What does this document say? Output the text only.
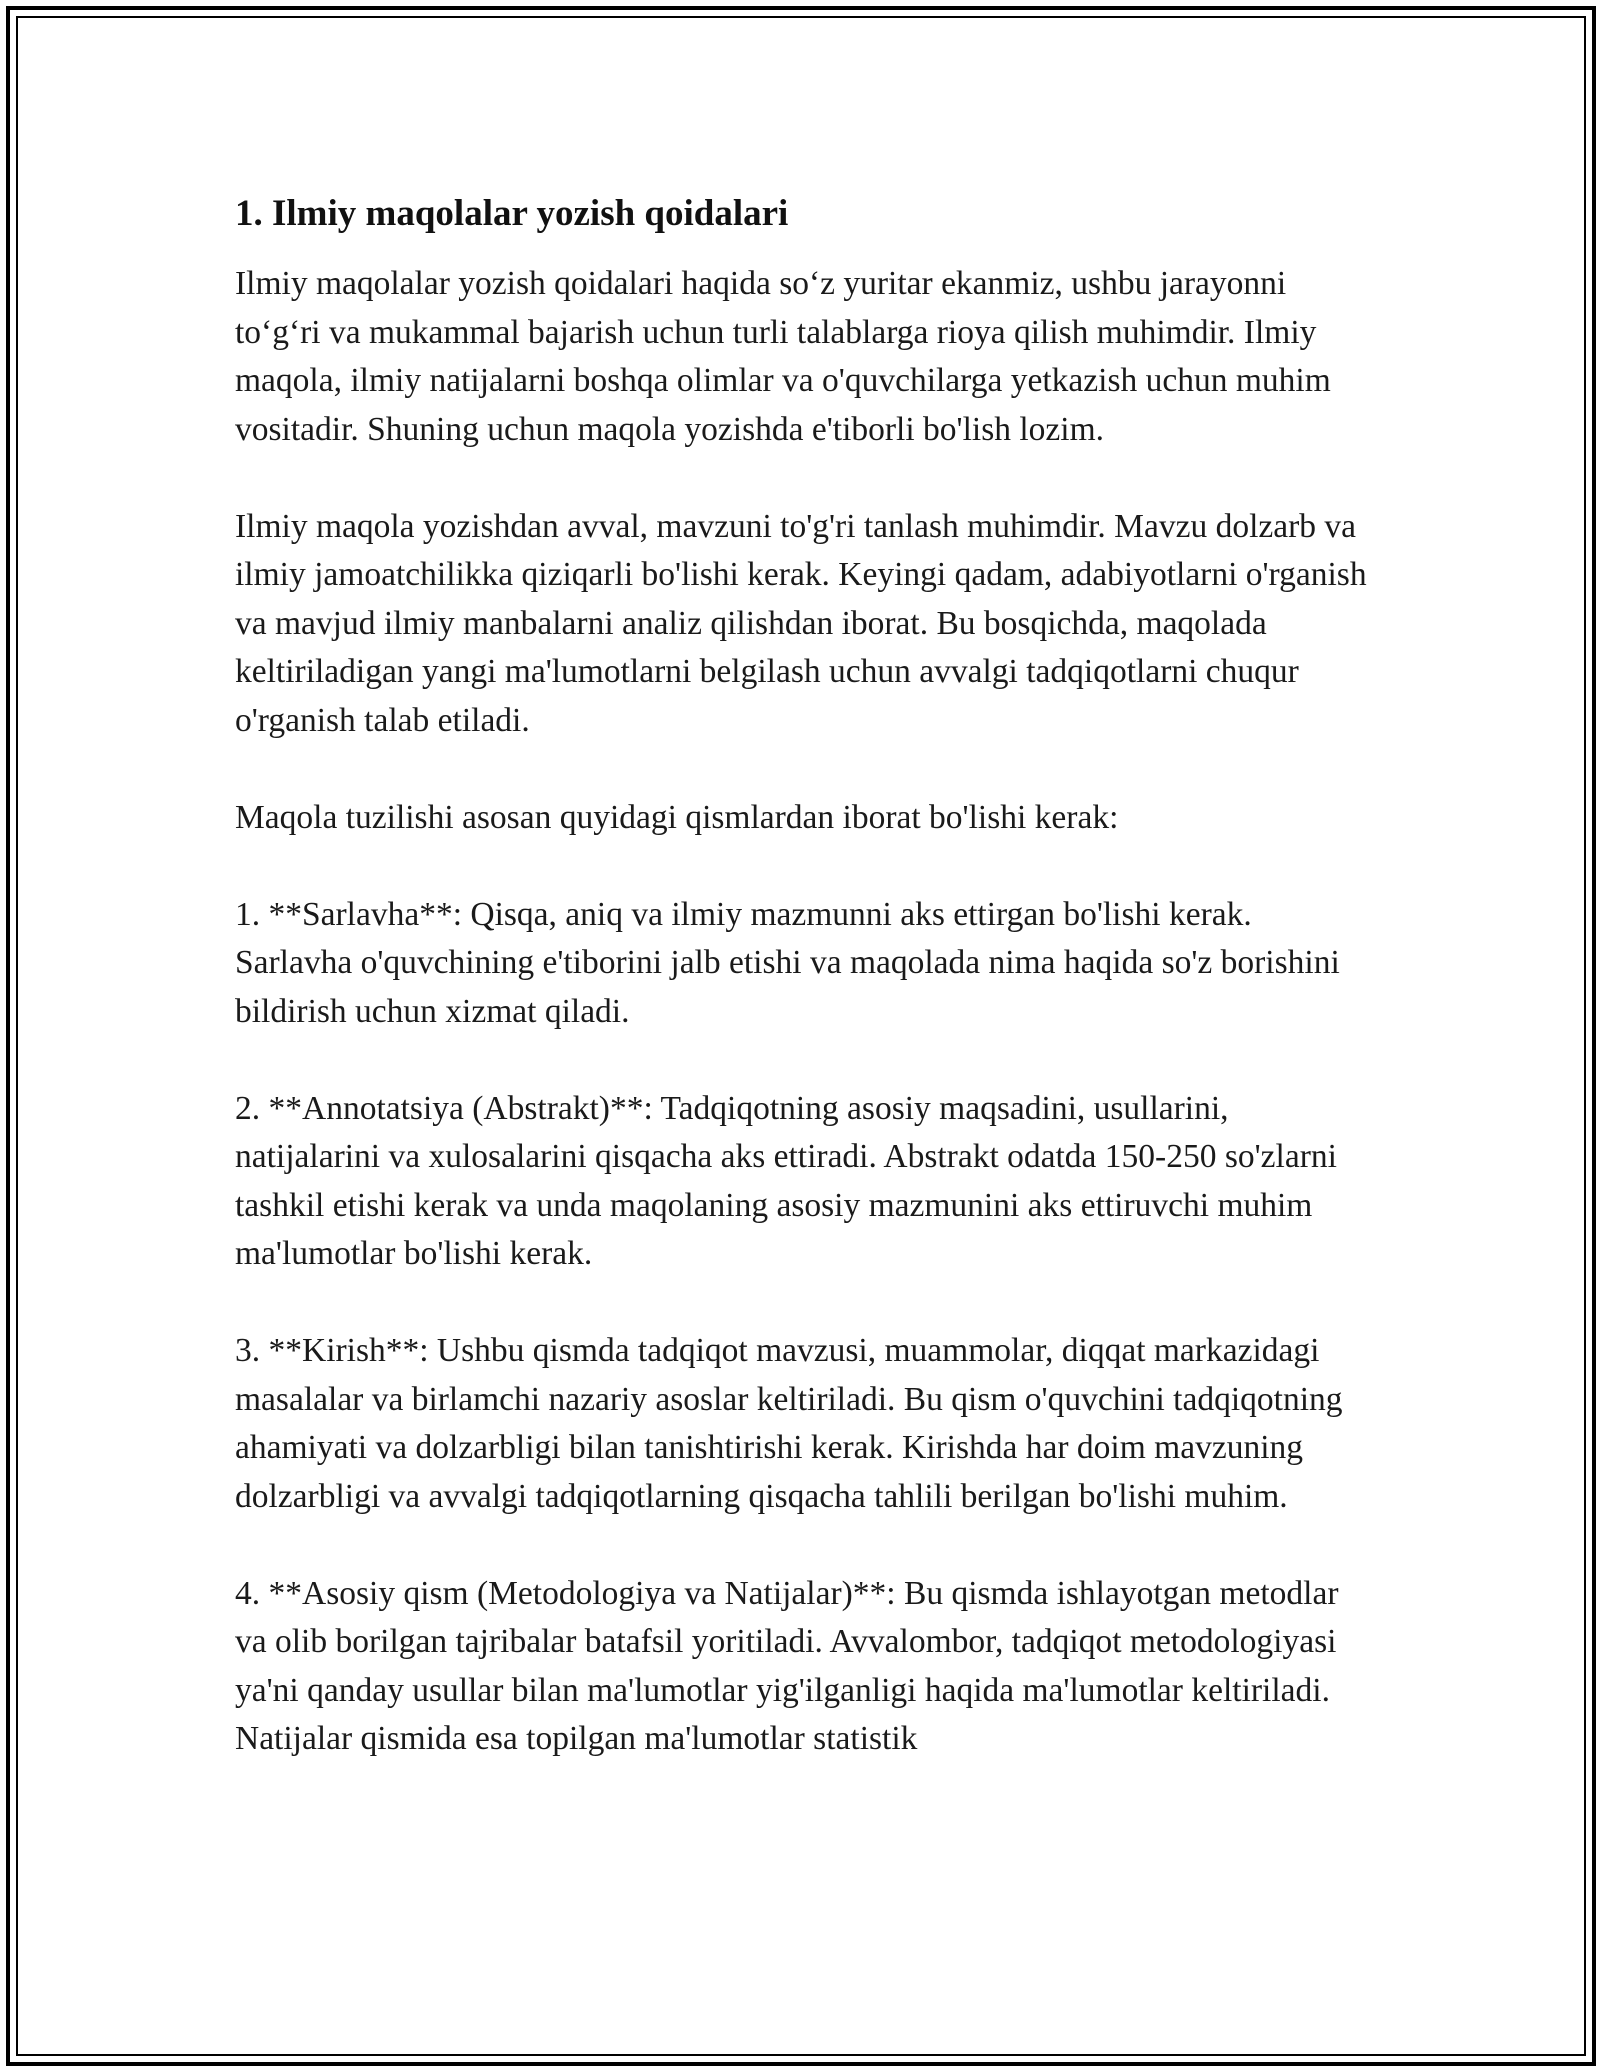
1. Ilmiy maqolalar yozish qoidalari

Ilmiy maqolalar yozish qoidalari haqida so‘z yuritar ekanmiz, ushbu jarayonni to‘g‘ri va mukammal bajarish uchun turli talablarga rioya qilish muhimdir. Ilmiy maqola, ilmiy natijalarni boshqa olimlar va o'quvchilarga yetkazish uchun muhim vositadir. Shuning uchun maqola yozishda e'tiborli bo'lish lozim.

Ilmiy maqola yozishdan avval, mavzuni to'g'ri tanlash muhimdir. Mavzu dolzarb va ilmiy jamoatchilikka qiziqarli bo'lishi kerak. Keyingi qadam, adabiyotlarni o'rganish va mavjud ilmiy manbalarni analiz qilishdan iborat. Bu bosqichda, maqolada keltiriladigan yangi ma'lumotlarni belgilash uchun avvalgi tadqiqotlarni chuqur o'rganish talab etiladi.

Maqola tuzilishi asosan quyidagi qismlardan iborat bo'lishi kerak:

1. **Sarlavha**: Qisqa, aniq va ilmiy mazmunni aks ettirgan bo'lishi kerak. Sarlavha o'quvchining e'tiborini jalb etishi va maqolada nima haqida so'z borishini bildirish uchun xizmat qiladi.

2. **Annotatsiya (Abstrakt)**: Tadqiqotning asosiy maqsadini, usullarini, natijalarini va xulosalarini qisqacha aks ettiradi. Abstrakt odatda 150-250 so'zlarni tashkil etishi kerak va unda maqolaning asosiy mazmunini aks ettiruvchi muhim ma'lumotlar bo'lishi kerak.

3. **Kirish**: Ushbu qismda tadqiqot mavzusi, muammolar, diqqat markazidagi masalalar va birlamchi nazariy asoslar keltiriladi. Bu qism o'quvchini tadqiqotning ahamiyati va dolzarbligi bilan tanishtirishi kerak. Kirishda har doim mavzuning dolzarbligi va avvalgi tadqiqotlarning qisqacha tahlili berilgan bo'lishi muhim.

4. **Asosiy qism (Metodologiya va Natijalar)**: Bu qismda ishlayotgan metodlar va olib borilgan tajribalar batafsil yoritiladi. Avvalombor, tadqiqot metodologiyasi ya'ni qanday usullar bilan ma'lumotlar yig'ilganligi haqida ma'lumotlar keltiriladi. Natijalar qismida esa topilgan ma'lumotlar statistik
